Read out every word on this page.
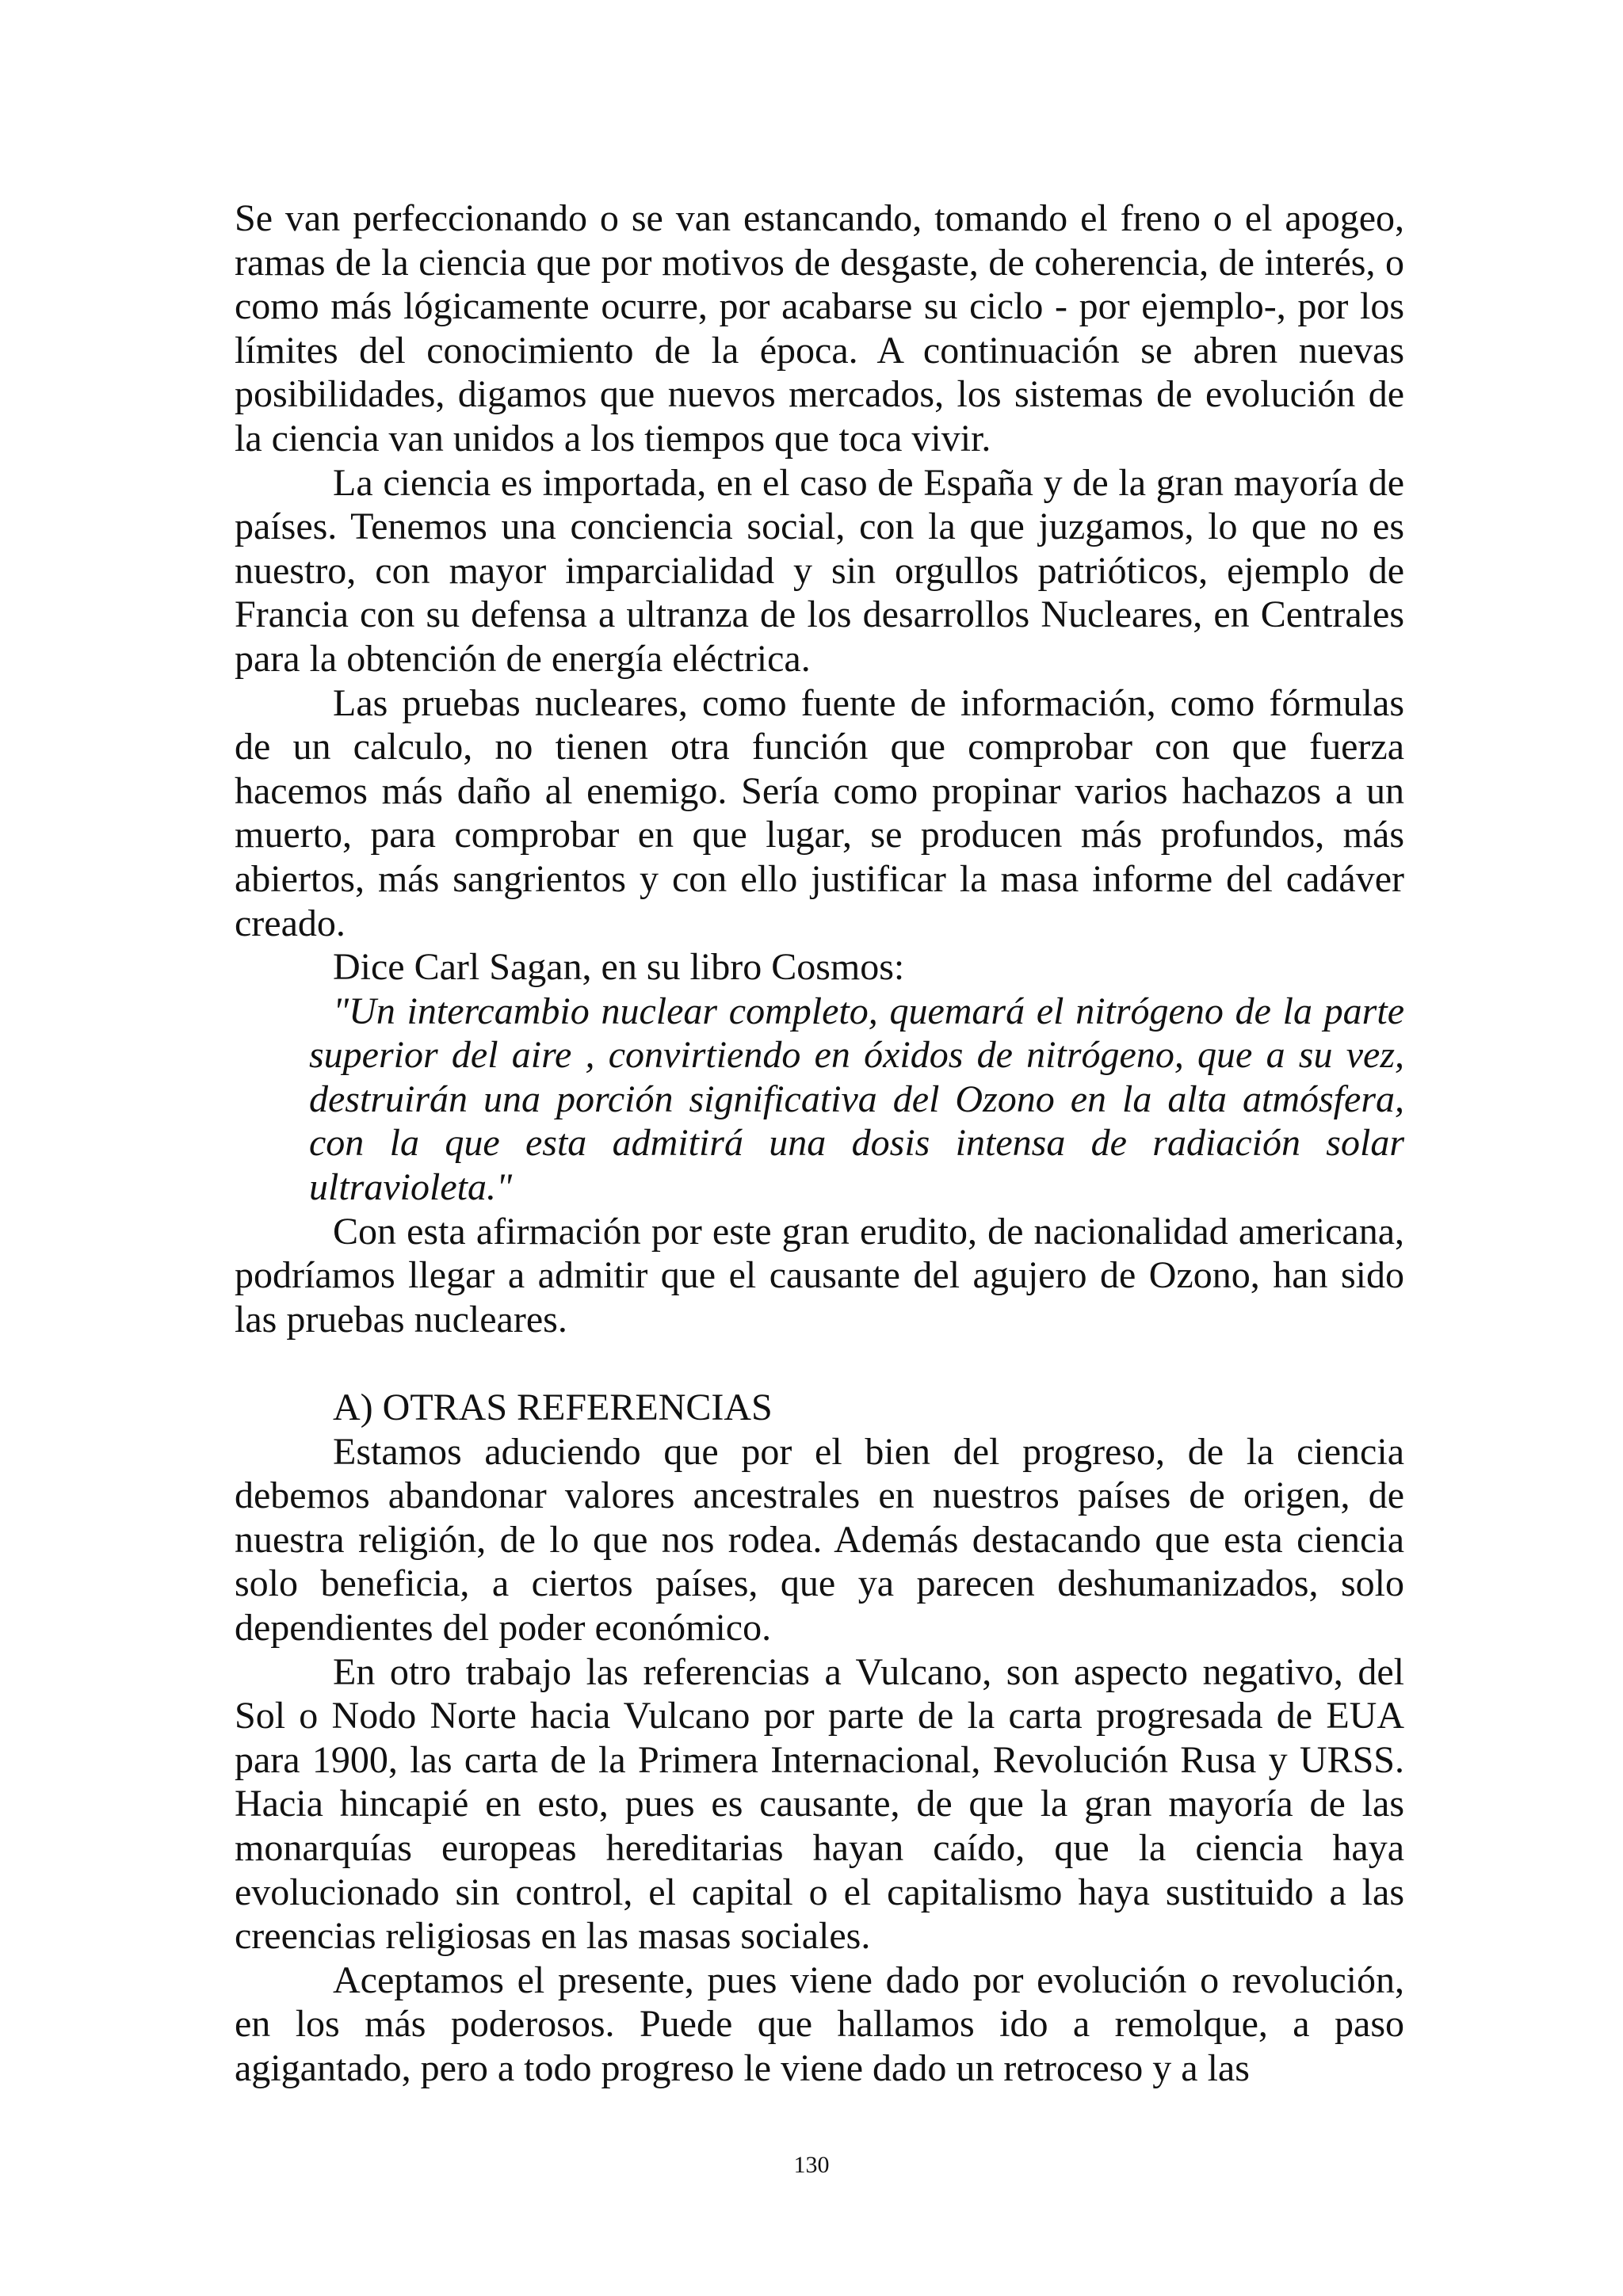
Se van perfeccionando o se van estancando, tomando el freno o el apogeo, ramas de la ciencia que por motivos de desgaste, de coherencia, de interés, o como más lógicamente ocurre, por acabarse su ciclo - por ejemplo-, por los límites del conocimiento de la época. A continuación se abren nuevas posibilidades, digamos que nuevos mercados, los sistemas de evolución de la ciencia van unidos a los tiempos que toca vivir.

La ciencia es importada, en el caso de España y de la gran mayoría de países. Tenemos una conciencia social, con la que juzgamos, lo que no es nuestro, con mayor imparcialidad y sin orgullos patrióticos, ejemplo de Francia con su defensa a ultranza de los desarrollos Nucleares, en Centrales para la obtención de energía eléctrica.

Las pruebas nucleares, como fuente de información, como fórmulas de un calculo, no tienen otra función que comprobar con que fuerza hacemos más daño al enemigo. Sería como propinar varios hachazos a un muerto, para comprobar en que lugar, se producen más profundos, más abiertos, más sangrientos y con ello justificar la masa informe del cadáver creado.

Dice Carl Sagan, en su libro Cosmos:

"Un intercambio nuclear completo, quemará el nitrógeno de la parte superior del aire , convirtiendo en óxidos de nitrógeno, que a su vez, destruirán una porción significativa del Ozono en la alta atmósfera, con la que esta admitirá una dosis intensa de radiación solar ultravioleta."

Con esta afirmación por este gran erudito, de nacionalidad americana, podríamos llegar a admitir que el causante del agujero de Ozono, han sido las pruebas nucleares.

A) OTRAS REFERENCIAS

Estamos aduciendo que por el bien del progreso, de la ciencia debemos abandonar valores ancestrales en nuestros países de origen, de nuestra religión, de lo que nos rodea. Además destacando que esta ciencia solo beneficia, a ciertos países, que ya parecen deshumanizados, solo dependientes del poder económico.

En otro trabajo las referencias a Vulcano, son aspecto negativo, del Sol o Nodo Norte hacia Vulcano por parte de la carta progresada de EUA para 1900, las carta de la Primera Internacional, Revolución Rusa y URSS. Hacia hincapié en esto, pues es causante, de que la gran mayoría de las monarquías europeas hereditarias hayan caído, que la ciencia haya evolucionado sin control, el capital o el capitalismo haya sustituido a las creencias religiosas en las masas sociales.

Aceptamos el presente, pues viene dado por evolución o revolución, en los más poderosos. Puede que hallamos ido a remolque, a paso agigantado, pero a todo progreso le viene dado un retroceso y a las

130
